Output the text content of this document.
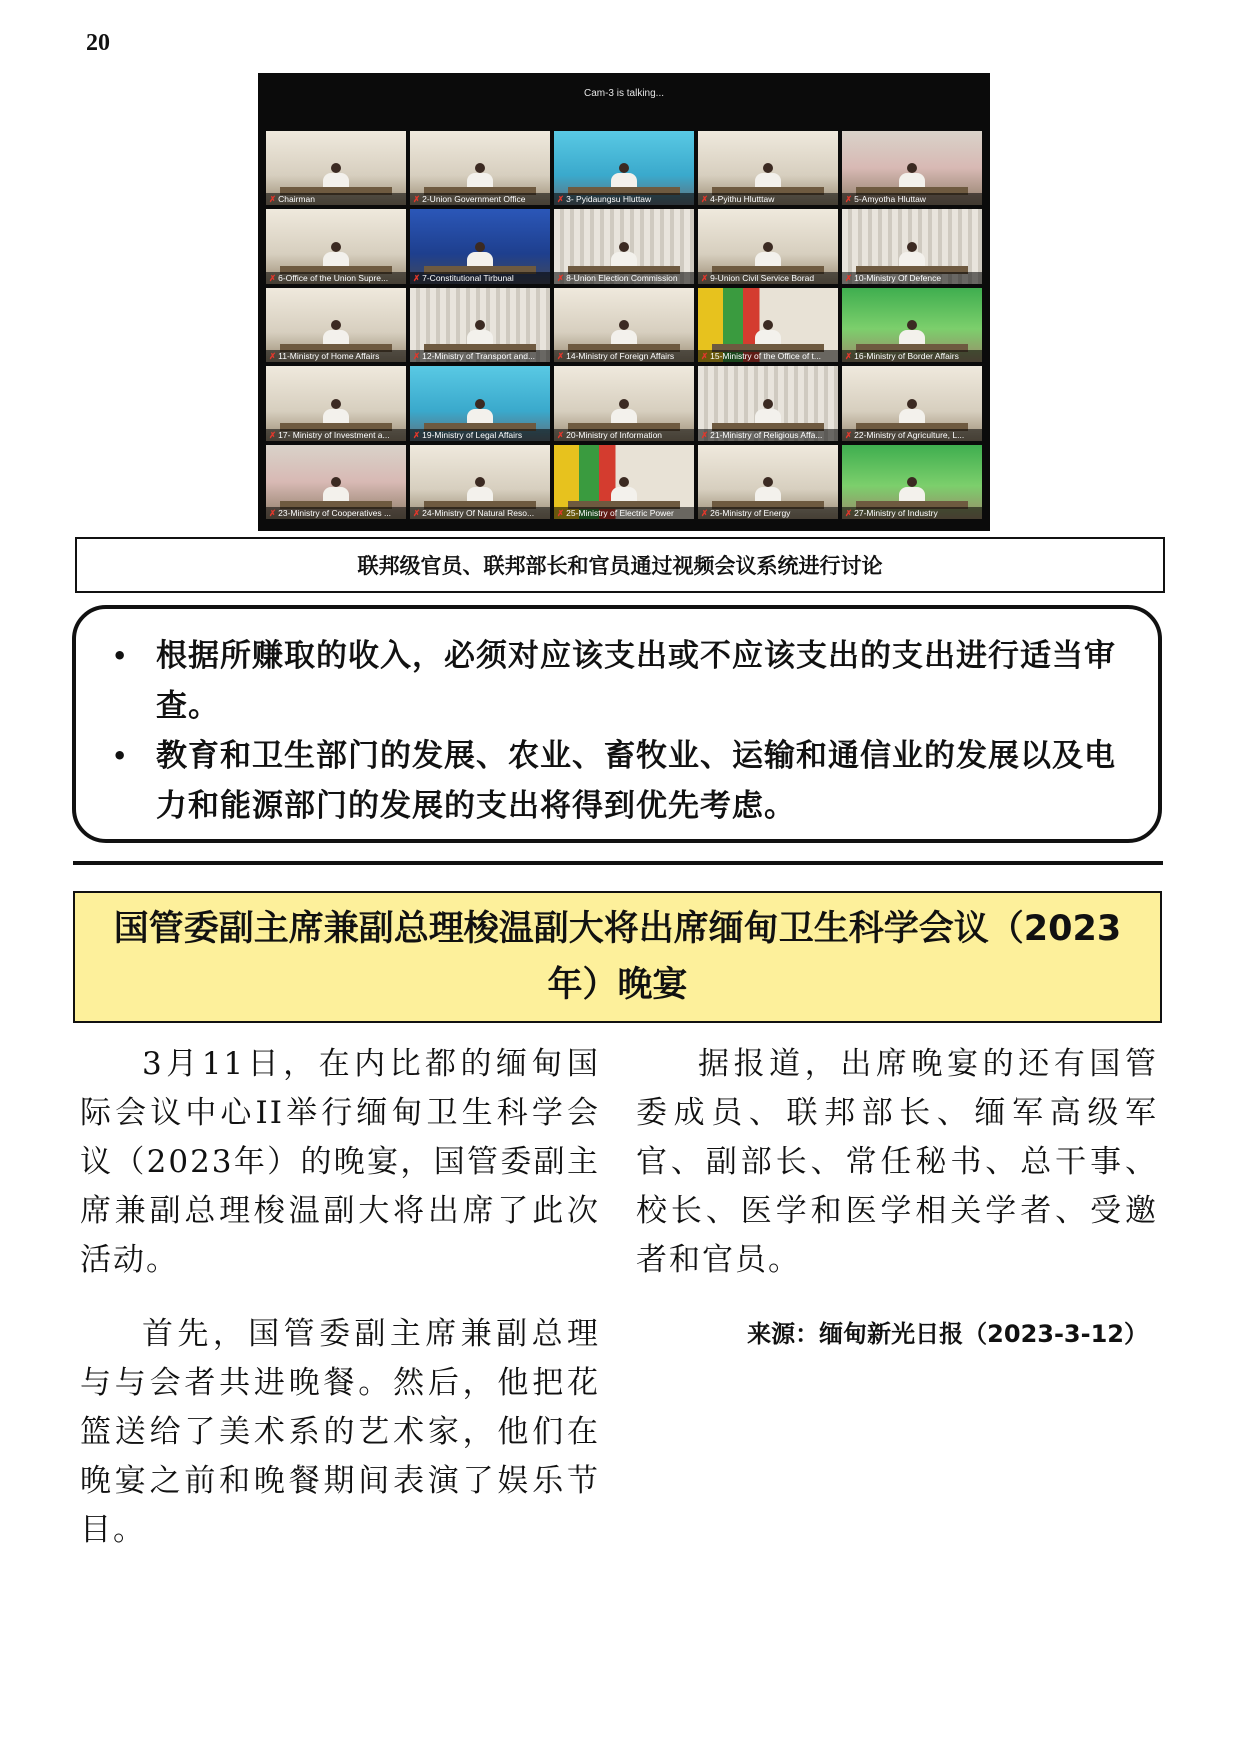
20
Cam-3 is talking...
✗ Chairman	✗ 2-Union Government Office	✗ 3- Pyidaungsu Hluttaw	✗ 4-Pyithu Hlutttaw	✗ 5-Amyotha Hluttaw
✗ 6-Office of the Union Supre...	✗ 7-Constitutional Tirbunal	✗ 8-Union Election Commission	✗ 9-Union Civil Service Borad	✗ 10-Ministry Of Defence
✗ 11-Ministry of Home Affairs	✗ 12-Ministry of Transport and...	✗ 14-Ministry of Foreign Affairs	✗ 15-Ministry of the Office of t...	✗ 16-Ministry of Border Affairs
✗ 17- Ministry of Investment a...	✗ 19-Ministry of Legal Affairs	✗ 20-Ministry of Information	✗ 21-Ministry of Religious Affa...	✗ 22-Ministry of Agriculture, L...
✗ 23-Ministry of Cooperatives ...	✗ 24-Ministry Of Natural Reso...	✗ 25-Ministry of Electric Power	✗ 26-Ministry of Energy	✗ 27-Ministry of Industry
联邦级官员、联邦部长和官员通过视频会议系统进行讨论
• 根据所赚取的收入，必须对应该支出或不应该支出的支出进行适当审查。
• 教育和卫生部门的发展、农业、畜牧业、运输和通信业的发展以及电力和能源部门的发展的支出将得到优先考虑。
国管委副主席兼副总理梭温副大将出席缅甸卫生科学会议（2023年）晚宴

3月11日，在内比都的缅甸国际会议中心II举行缅甸卫生科学会议（2023年）的晚宴，国管委副主席兼副总理梭温副大将出席了此次活动。

首先，国管委副主席兼副总理与与会者共进晚餐。然后，他把花篮送给了美术系的艺术家，他们在晚宴之前和晚餐期间表演了娱乐节目。

据报道，出席晚宴的还有国管委成员、联邦部长、缅军高级军官、副部长、常任秘书、总干事、校长、医学和医学相关学者、受邀者和官员。

来源：缅甸新光日报（2023-3-12）
